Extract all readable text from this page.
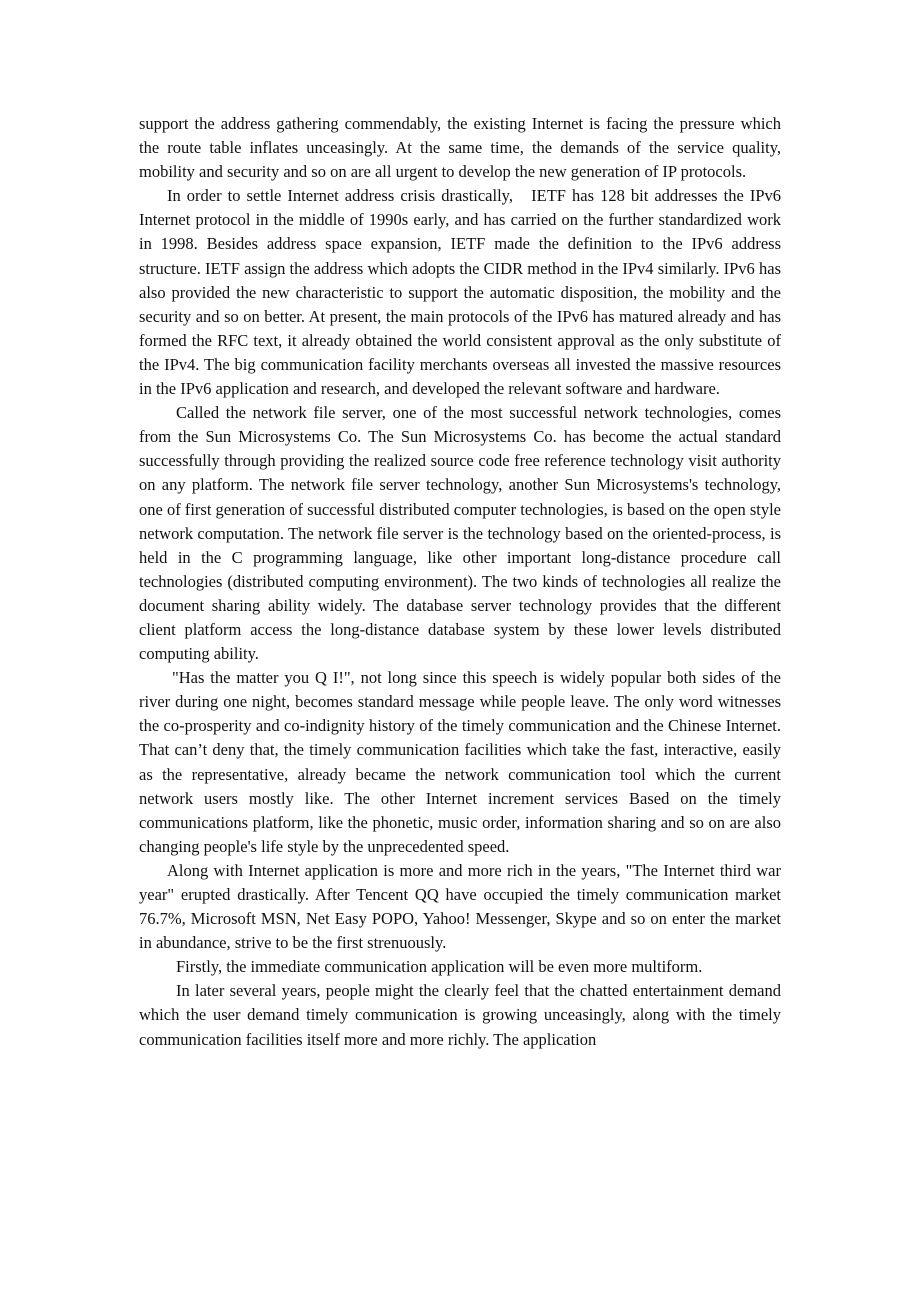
support the address gathering commendably, the existing Internet is facing the pressure which the route table inflates unceasingly. At the same time, the demands of the service quality, mobility and security and so on are all urgent to develop the new generation of IP protocols.

In order to settle Internet address crisis drastically,   IETF has 128 bit addresses the IPv6 Internet protocol in the middle of 1990s early, and has carried on the further standardized work in 1998. Besides address space expansion, IETF made the definition to the IPv6 address structure. IETF assign the address which adopts the CIDR method in the IPv4 similarly. IPv6 has also provided the new characteristic to support the automatic disposition, the mobility and the security and so on better. At present, the main protocols of the IPv6 has matured already and has formed the RFC text, it already obtained the world consistent approval as the only substitute of the IPv4. The big communication facility merchants overseas all invested the massive resources in the IPv6 application and research, and developed the relevant software and hardware.

Called the network file server, one of the most successful network technologies, comes from the Sun Microsystems Co. The Sun Microsystems Co. has become the actual standard successfully through providing the realized source code free reference technology visit authority on any platform. The network file server technology, another Sun Microsystems's technology, one of first generation of successful distributed computer technologies, is based on the open style network computation. The network file server is the technology based on the oriented-process, is held in the C programming language, like other important long-distance procedure call technologies (distributed computing environment). The two kinds of technologies all realize the document sharing ability widely. The database server technology provides that the different client platform access the long-distance database system by these lower levels distributed computing ability.

"Has the matter you Q I!", not long since this speech is widely popular both sides of the river during one night, becomes standard message while people leave. The only word witnesses the co-prosperity and co-indignity history of the timely communication and the Chinese Internet. That can’t deny that, the timely communication facilities which take the fast, interactive, easily as the representative, already became the network communication tool which the current network users mostly like. The other Internet increment services Based on the timely communications platform, like the phonetic, music order, information sharing and so on are also changing people's life style by the unprecedented speed.

Along with Internet application is more and more rich in the years, "The Internet third war year" erupted drastically. After Tencent QQ have occupied the timely communication market 76.7%, Microsoft MSN, Net Easy POPO, Yahoo! Messenger, Skype and so on enter the market in abundance, strive to be the first strenuously.

Firstly, the immediate communication application will be even more multiform.

In later several years, people might the clearly feel that the chatted entertainment demand which the user demand timely communication is growing unceasingly, along with the timely communication facilities itself more and more richly. The application
